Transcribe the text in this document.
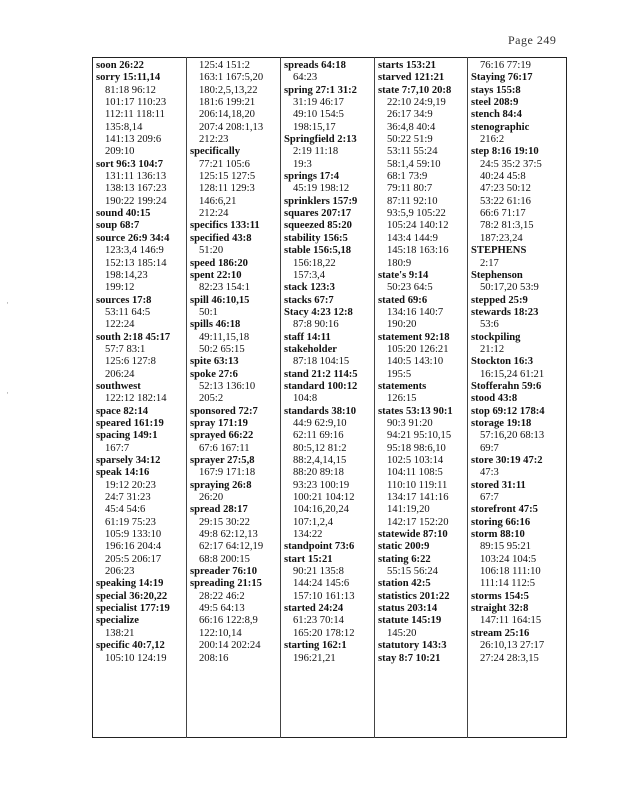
Page 249
·
·
soon 26:22
sorry 15:11,14
81:18 96:12
101:17 110:23
112:11 118:11
135:8,14
141:13 209:6
209:10
sort 96:3 104:7
131:11 136:13
138:13 167:23
190:22 199:24
sound 40:15
soup 68:7
source 26:9 34:4
123:3,4 146:9
152:13 185:14
198:14,23
199:12
sources 17:8
53:11 64:5
122:24
south 2:18 45:17
57:7 83:1
125:6 127:8
206:24
southwest
122:12 182:14
space 82:14
speared 161:19
spacing 149:1
167:7
sparsely 34:12
speak 14:16
19:12 20:23
24:7 31:23
45:4 54:6
61:19 75:23
105:9 133:10
196:16 204:4
205:5 206:17
206:23
speaking 14:19
special 36:20,22
specialist 177:19
specialize
138:21
specific 40:7,12
105:10 124:19
125:4 151:2
163:1 167:5,20
180:2,5,13,22
181:6 199:21
206:14,18,20
207:4 208:1,13
212:23
specifically
77:21 105:6
125:15 127:5
128:11 129:3
146:6,21
212:24
specifics 133:11
specified 43:8
51:20
speed 186:20
spent 22:10
82:23 154:1
spill 46:10,15
50:1
spills 46:18
49:11,15,18
50:2 65:15
spite 63:13
spoke 27:6
52:13 136:10
205:2
sponsored 72:7
spray 171:19
sprayed 66:22
67:6 167:11
sprayer 27:5,8
167:9 171:18
spraying 26:8
26:20
spread 28:17
29:15 30:22
49:8 62:12,13
62:17 64:12,19
68:8 200:15
spreader 76:10
spreading 21:15
28:22 46:2
49:5 64:13
66:16 122:8,9
122:10,14
200:14 202:24
208:16
spreads 64:18
64:23
spring 27:1 31:2
31:19 46:17
49:10 154:5
198:15,17
Springfield 2:13
2:19 11:18
19:3
springs 17:4
45:19 198:12
sprinklers 157:9
squares 207:17
squeezed 85:20
stability 156:5
stable 156:5,18
156:18,22
157:3,4
stack 123:3
stacks 67:7
Stacy 4:23 12:8
87:8 90:16
staff 14:11
stakeholder
87:18 104:15
stand 21:2 114:5
standard 100:12
104:8
standards 38:10
44:9 62:9,10
62:11 69:16
80:5,12 81:2
88:2,4,14,15
88:20 89:18
93:23 100:19
100:21 104:12
104:16,20,24
107:1,2,4
134:22
standpoint 73:6
start 15:21
90:21 135:8
144:24 145:6
157:10 161:13
started 24:24
61:23 70:14
165:20 178:12
starting 162:1
196:21,21
starts 153:21
starved 121:21
state 7:7,10 20:8
22:10 24:9,19
26:17 34:9
36:4,8 40:4
50:22 51:9
53:11 55:24
58:1,4 59:10
68:1 73:9
79:11 80:7
87:11 92:10
93:5,9 105:22
105:24 140:12
143:4 144:9
145:18 163:16
180:9
state's 9:14
50:23 64:5
stated 69:6
134:16 140:7
190:20
statement 92:18
105:20 126:21
140:5 143:10
195:5
statements
126:15
states 53:13 90:1
90:3 91:20
94:21 95:10,15
95:18 98:6,10
102:5 103:14
104:11 108:5
110:10 119:11
134:17 141:16
141:19,20
142:17 152:20
statewide 87:10
static 200:9
stating 6:22
55:15 56:24
station 42:5
statistics 201:22
status 203:14
statute 145:19
145:20
statutory 143:3
stay 8:7 10:21
76:16 77:19
Staying 76:17
stays 155:8
steel 208:9
stench 84:4
stenographic
216:2
step 8:16 19:10
24:5 35:2 37:5
40:24 45:8
47:23 50:12
53:22 61:16
66:6 71:17
78:2 81:3,15
187:23,24
STEPHENS
2:17
Stephenson
50:17,20 53:9
stepped 25:9
stewards 18:23
53:6
stockpiling
21:12
Stockton 16:3
16:15,24 61:21
Stofferahn 59:6
stood 43:8
stop 69:12 178:4
storage 19:18
57:16,20 68:13
69:7
store 30:19 47:2
47:3
stored 31:11
67:7
storefront 47:5
storing 66:16
storm 88:10
89:15 95:21
103:24 104:5
106:18 111:10
111:14 112:5
storms 154:5
straight 32:8
147:11 164:15
stream 25:16
26:10,13 27:17
27:24 28:3,15
